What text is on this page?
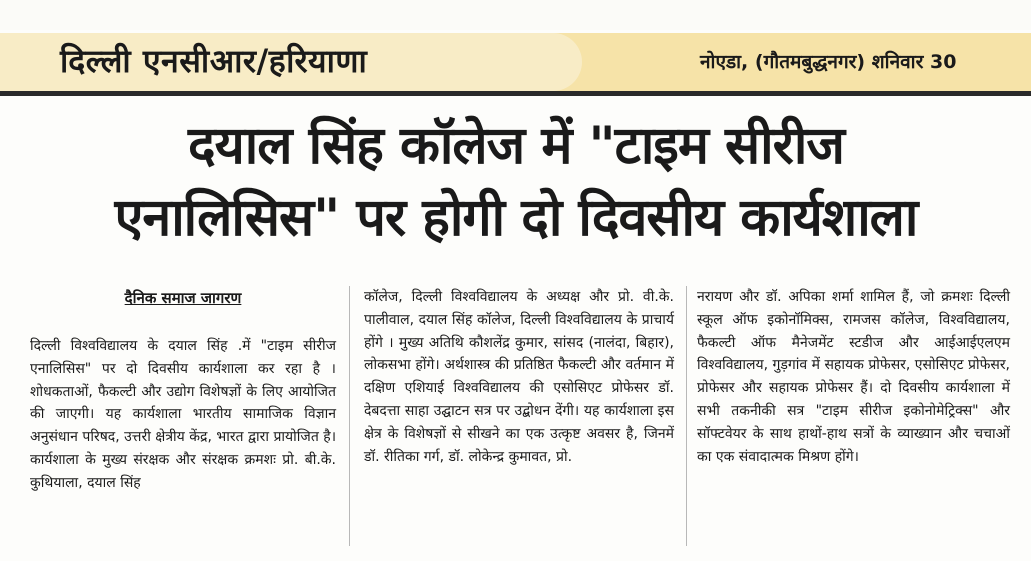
दिल्ली एनसीआर/हरियाणा	नोएडा, (गौतमबुद्धनगर) शनिवार 30
दयाल सिंह कॉलेज में "टाइम सीरीज
एनालिसिस" पर होगी दो दिवसीय कार्यशाला
दैनिक समाज जागरण
दिल्ली विश्वविद्यालय के दयाल सिंह .में "टाइम सीरीज एनालिसिस" पर दो दिवसीय कार्यशाला कर रहा है । शोधकताओं, फैकल्टी और उद्योग विशेषज्ञों के लिए आयोजित की जाएगी। यह कार्यशाला भारतीय सामाजिक विज्ञान अनुसंधान परिषद, उत्तरी क्षेत्रीय केंद्र, भारत द्वारा प्रायोजित है। कार्यशाला के मुख्य संरक्षक और संरक्षक क्रमशः प्रो. बी.के. कुथियाला, दयाल सिंह
कॉलेज, दिल्ली विश्वविद्यालय के अध्यक्ष और प्रो. वी.के. पालीवाल, दयाल सिंह कॉलेज, दिल्ली विश्वविद्यालय के प्राचार्य होंगे । मुख्य अतिथि कौशलेंद्र कुमार, सांसद (नालंदा, बिहार), लोकसभा होंगे। अर्थशास्त्र की प्रतिष्ठित फैकल्टी और वर्तमान में दक्षिण एशियाई विश्वविद्यालय की एसोसिएट प्रोफेसर डॉ. देबदत्ता साहा उद्घाटन सत्र पर उद्बोधन देंगी। यह कार्यशाला इस क्षेत्र के विशेषज्ञों से सीखने का एक उत्कृष्ट अवसर है, जिनमें डॉ. रीतिका गर्ग, डॉ. लोकेन्द्र कुमावत, प्रो.
नरायण और डॉ. अपिका शर्मा शामिल हैं, जो क्रमशः दिल्ली स्कूल ऑफ इकोनॉमिक्स, रामजस कॉलेज, विश्वविद्यालय, फैकल्टी ऑफ मैनेजमेंट स्टडीज और आईआईएलएम विश्वविद्यालय, गुड़गांव में सहायक प्रोफेसर, एसोसिएट प्रोफेसर, प्रोफेसर और सहायक प्रोफेसर हैं। दो दिवसीय कार्यशाला में सभी तकनीकी सत्र "टाइम सीरीज इकोनोमेट्रिक्स" और सॉफ्टवेयर के साथ हाथों-हाथ सत्रों के व्याख्यान और चचाओं का एक संवादात्मक मिश्रण होंगे।
